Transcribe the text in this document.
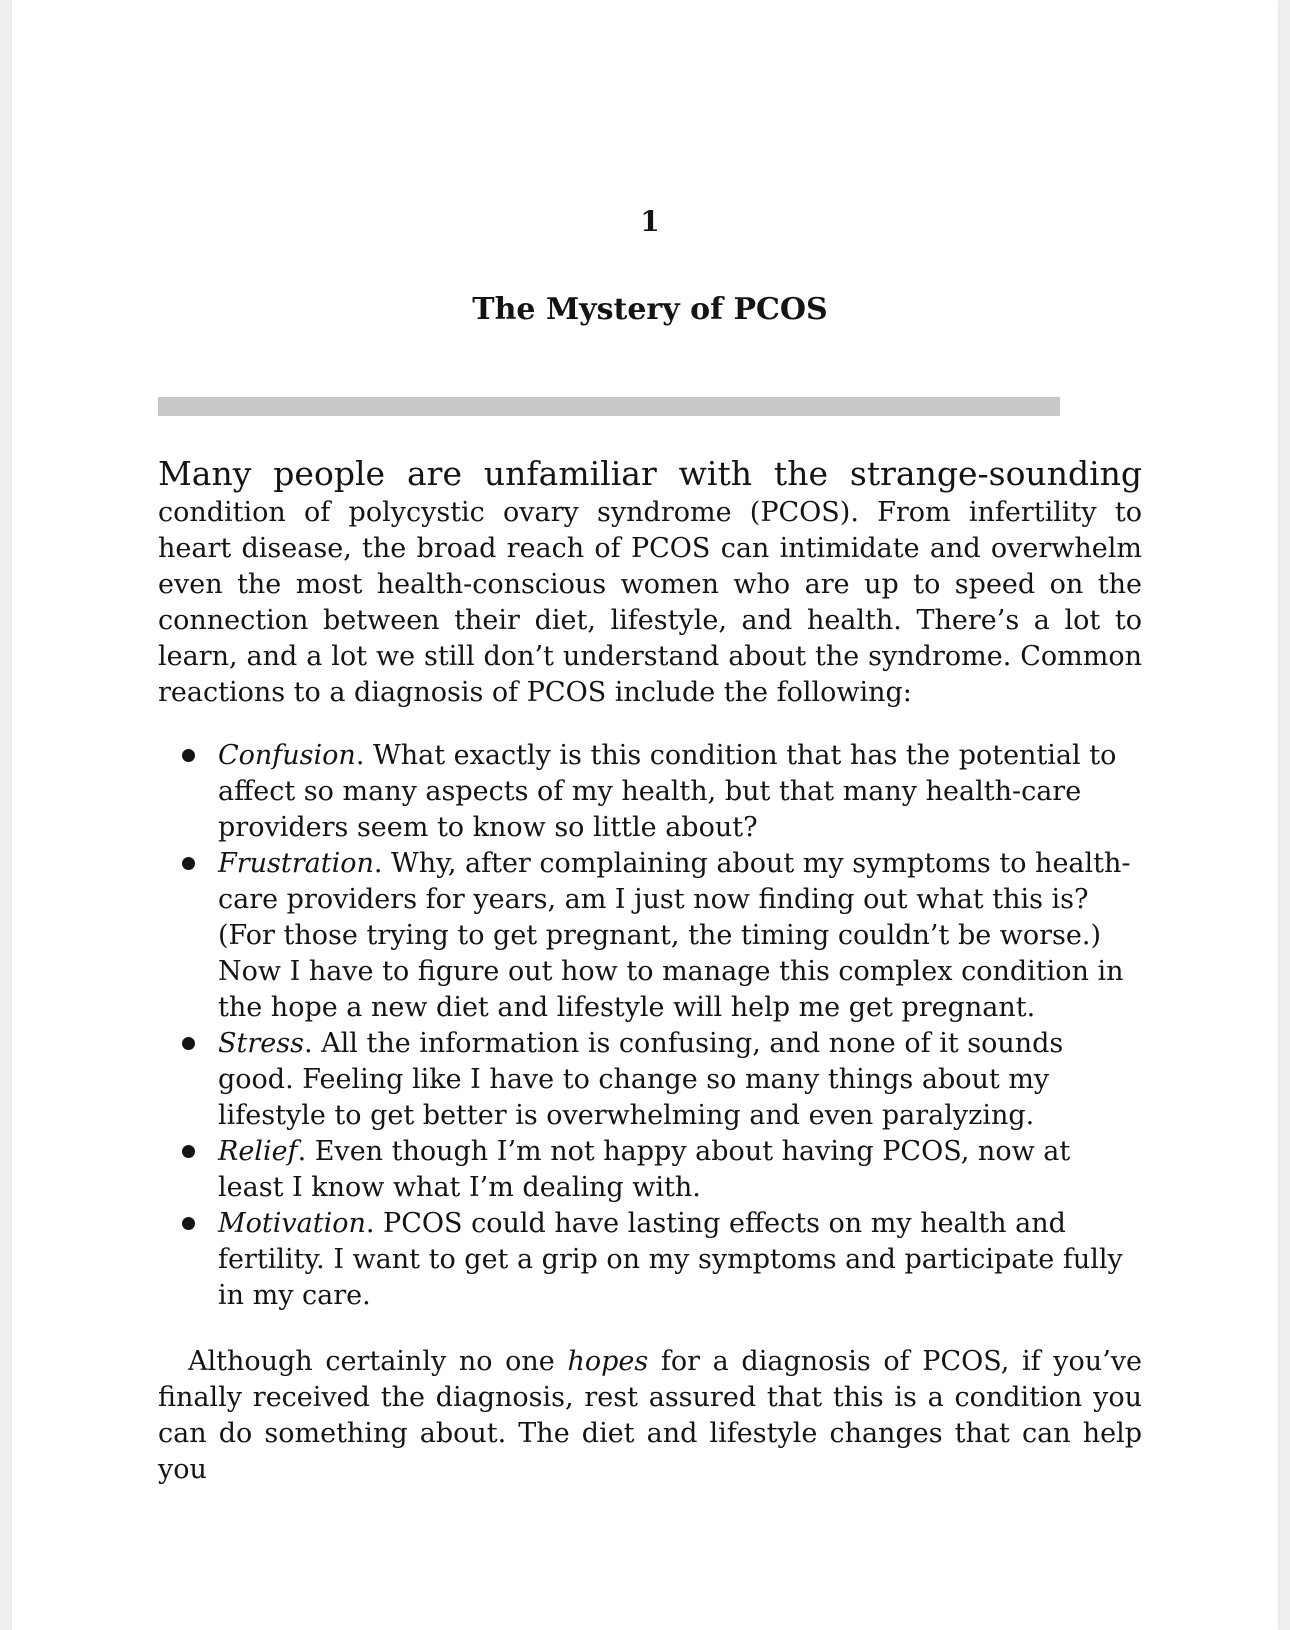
1
The Mystery of PCOS

Many people are unfamiliar with the strange-sounding condition of polycystic ovary syndrome (PCOS). From infertility to heart disease, the broad reach of PCOS can intimidate and overwhelm even the most health-conscious women who are up to speed on the connection between their diet, lifestyle, and health. There’s a lot to learn, and a lot we still don’t understand about the syndrome. Common reactions to a diagnosis of PCOS include the following:

Confusion. What exactly is this condition that has the potential to affect so many aspects of my health, but that many health-care providers seem to know so little about?
Frustration. Why, after complaining about my symptoms to health-care providers for years, am I just now finding out what this is? (For those trying to get pregnant, the timing couldn’t be worse.) Now I have to figure out how to manage this complex condition in the hope a new diet and lifestyle will help me get pregnant.
Stress. All the information is confusing, and none of it sounds good. Feeling like I have to change so many things about my lifestyle to get better is overwhelming and even paralyzing.
Relief. Even though I’m not happy about having PCOS, now at least I know what I’m dealing with.
Motivation. PCOS could have lasting effects on my health and fertility. I want to get a grip on my symptoms and participate fully in my care.

Although certainly no one hopes for a diagnosis of PCOS, if you’ve finally received the diagnosis, rest assured that this is a condition you can do something about. The diet and lifestyle changes that can help you
